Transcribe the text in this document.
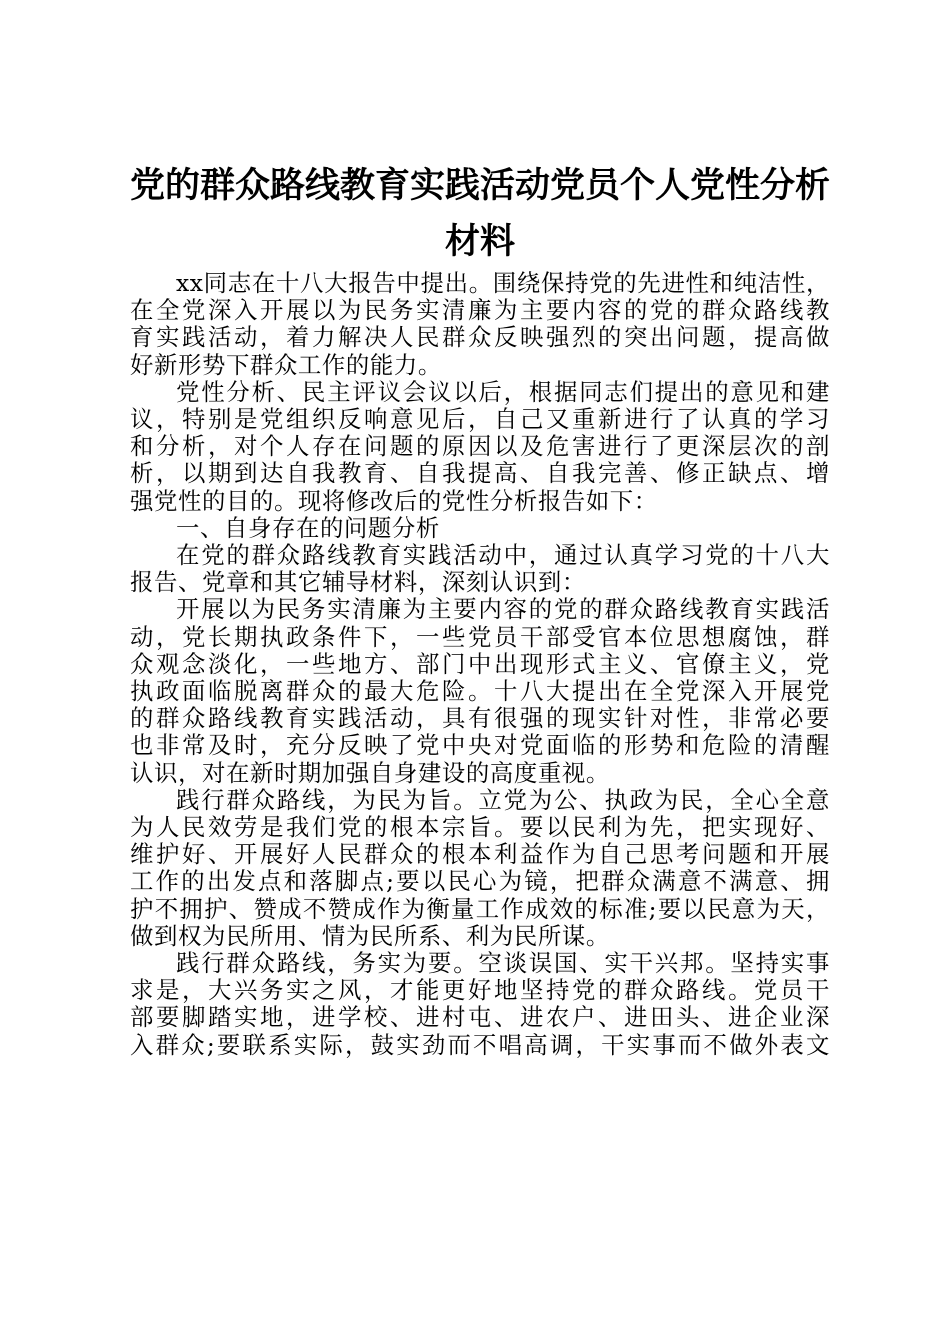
党的群众路线教育实践活动党员个人党性分析
材料
xx同志在十八大报告中提出。围绕保持党的先进性和纯洁性，
在全党深入开展以为民务实清廉为主要内容的党的群众路线教
育实践活动，着力解决人民群众反映强烈的突出问题，提高做
好新形势下群众工作的能力。
党性分析、民主评议会议以后，根据同志们提出的意见和建
议，特别是党组织反响意见后，自己又重新进行了认真的学习
和分析，对个人存在问题的原因以及危害进行了更深层次的剖
析，以期到达自我教育、自我提高、自我完善、修正缺点、增
强党性的目的。现将修改后的党性分析报告如下：
一、自身存在的问题分析
在党的群众路线教育实践活动中，通过认真学习党的十八大
报告、党章和其它辅导材料，深刻认识到：
开展以为民务实清廉为主要内容的党的群众路线教育实践活
动，党长期执政条件下，一些党员干部受官本位思想腐蚀，群
众观念淡化，一些地方、部门中出现形式主义、官僚主义，党
执政面临脱离群众的最大危险。十八大提出在全党深入开展党
的群众路线教育实践活动，具有很强的现实针对性，非常必要
也非常及时，充分反映了党中央对党面临的形势和危险的清醒
认识，对在新时期加强自身建设的高度重视。
践行群众路线，为民为旨。立党为公、执政为民，全心全意
为人民效劳是我们党的根本宗旨。要以民利为先，把实现好、
维护好、开展好人民群众的根本利益作为自己思考问题和开展
工作的出发点和落脚点;要以民心为镜，把群众满意不满意、拥
护不拥护、赞成不赞成作为衡量工作成效的标准;要以民意为天，
做到权为民所用、情为民所系、利为民所谋。
践行群众路线，务实为要。空谈误国、实干兴邦。坚持实事
求是，大兴务实之风，才能更好地坚持党的群众路线。党员干
部要脚踏实地，进学校、进村屯、进农户、进田头、进企业深
入群众;要联系实际，鼓实劲而不唱高调，干实事而不做外表文
